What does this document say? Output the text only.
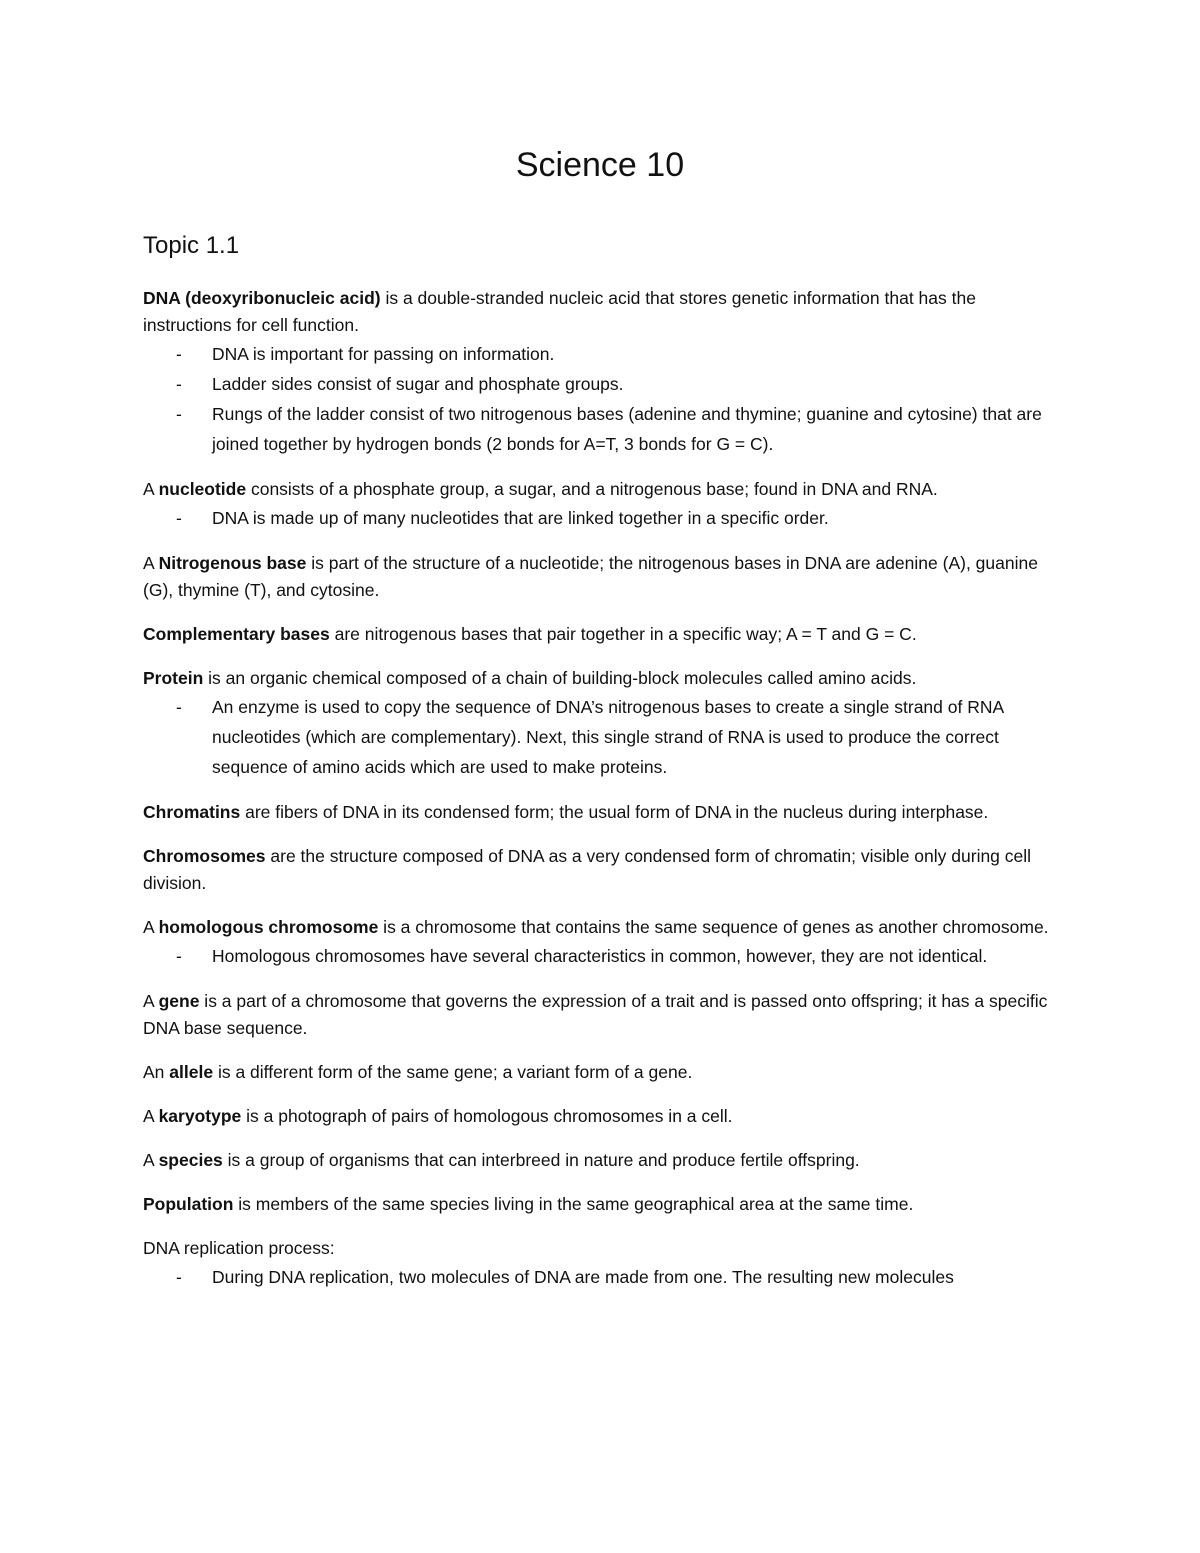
Science 10
Topic 1.1

DNA (deoxyribonucleic acid) is a double-stranded nucleic acid that stores genetic information that has the instructions for cell function.

- DNA is important for passing on information.
- Ladder sides consist of sugar and phosphate groups.
- Rungs of the ladder consist of two nitrogenous bases (adenine and thymine; guanine and cytosine) that are joined together by hydrogen bonds (2 bonds for A=T, 3 bonds for G = C).

A nucleotide consists of a phosphate group, a sugar, and a nitrogenous base; found in DNA and RNA.

- DNA is made up of many nucleotides that are linked together in a specific order.

A Nitrogenous base is part of the structure of a nucleotide; the nitrogenous bases in DNA are adenine (A), guanine (G), thymine (T), and cytosine.

Complementary bases are nitrogenous bases that pair together in a specific way; A = T and G = C.

Protein is an organic chemical composed of a chain of building-block molecules called amino acids.

- An enzyme is used to copy the sequence of DNA’s nitrogenous bases to create a single strand of RNA nucleotides (which are complementary). Next, this single strand of RNA is used to produce the correct sequence of amino acids which are used to make proteins.

Chromatins are fibers of DNA in its condensed form; the usual form of DNA in the nucleus during interphase.

Chromosomes are the structure composed of DNA as a very condensed form of chromatin; visible only during cell division.

A homologous chromosome is a chromosome that contains the same sequence of genes as another chromosome.

- Homologous chromosomes have several characteristics in common, however, they are not identical.

A gene is a part of a chromosome that governs the expression of a trait and is passed onto offspring; it has a specific DNA base sequence.

An allele is a different form of the same gene; a variant form of a gene.

A karyotype is a photograph of pairs of homologous chromosomes in a cell.

A species is a group of organisms that can interbreed in nature and produce fertile offspring.

Population is members of the same species living in the same geographical area at the same time.

DNA replication process:

- During DNA replication, two molecules of DNA are made from one. The resulting new molecules
